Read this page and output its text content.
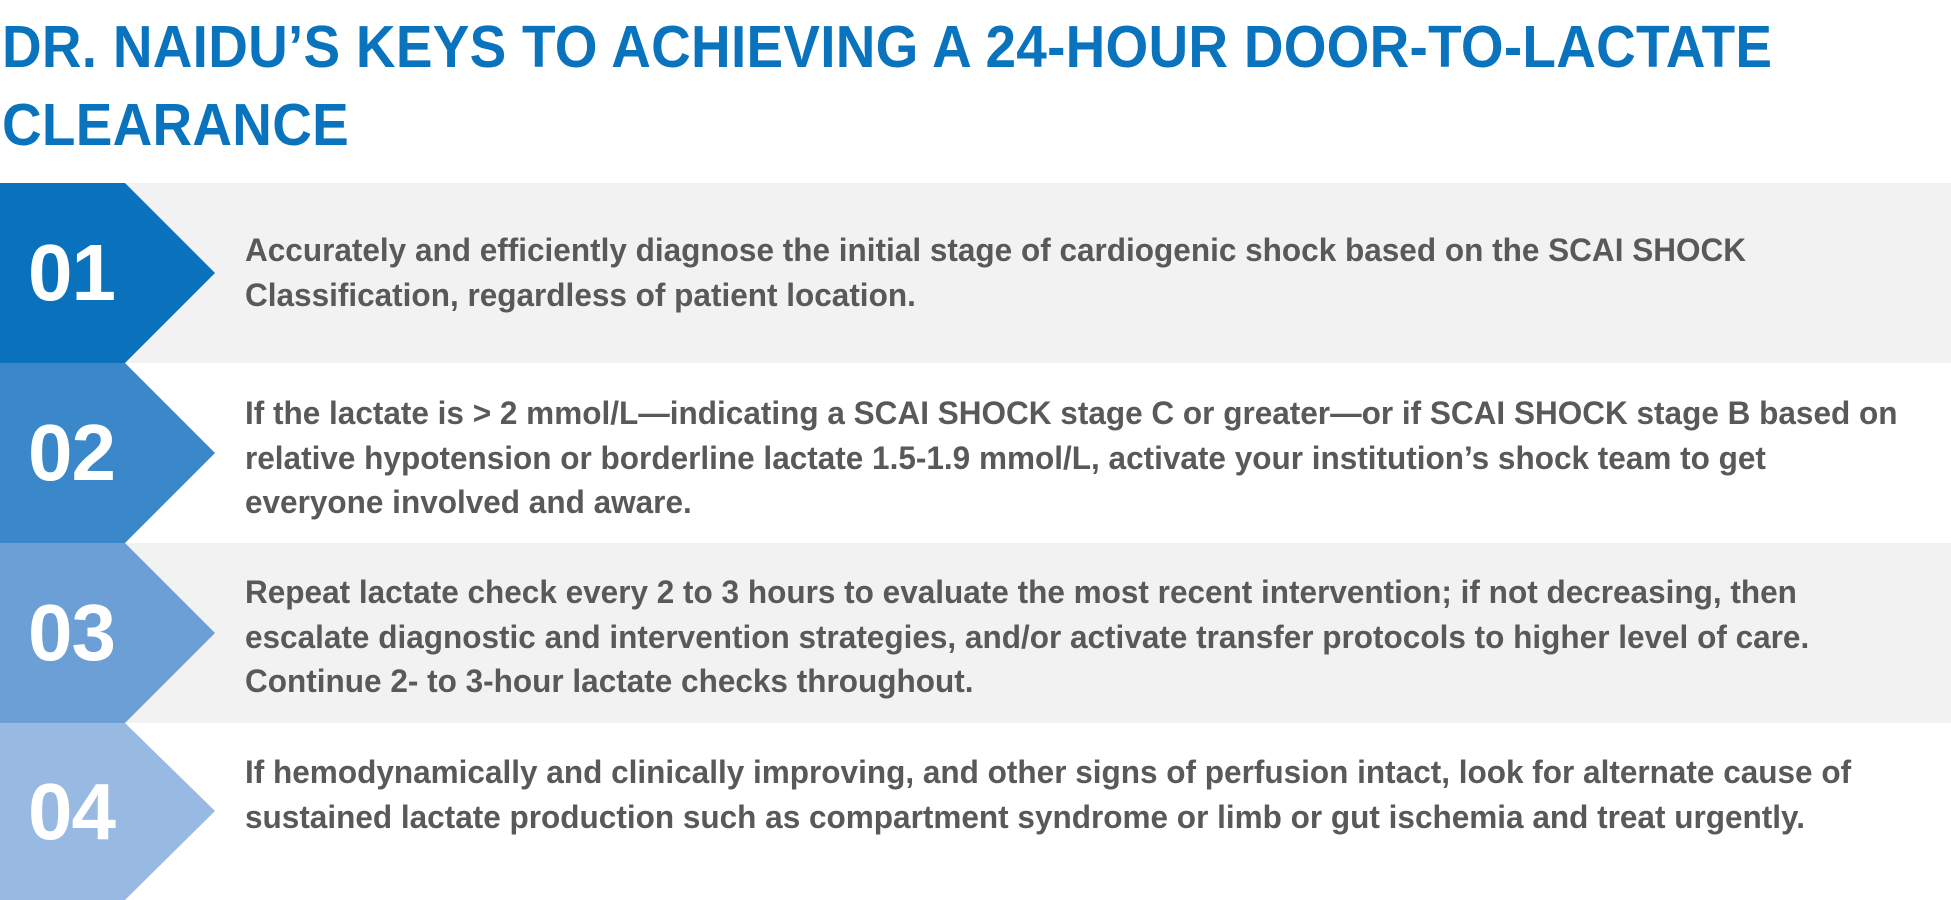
DR. NAIDU’S KEYS TO ACHIEVING A 24-HOUR DOOR-TO-LACTATE CLEARANCE
01	Accurately and efficiently diagnose the initial stage of cardiogenic shock based on the SCAI SHOCK Classification, regardless of patient location.

02	If the lactate is > 2 mmol/L—indicating a SCAI SHOCK stage C or greater—or if SCAI SHOCK stage B based on relative hypotension or borderline lactate 1.5-1.9 mmol/L, activate your institution’s shock team to get everyone involved and aware.

03	Repeat lactate check every 2 to 3 hours to evaluate the most recent intervention; if not decreasing, then escalate diagnostic and intervention strategies, and/or activate transfer protocols to higher level of care. Continue 2- to 3-hour lactate checks throughout.

04	If hemodynamically and clinically improving, and other signs of perfusion intact, look for alternate cause of sustained lactate production such as compartment syndrome or limb or gut ischemia and treat urgently.
